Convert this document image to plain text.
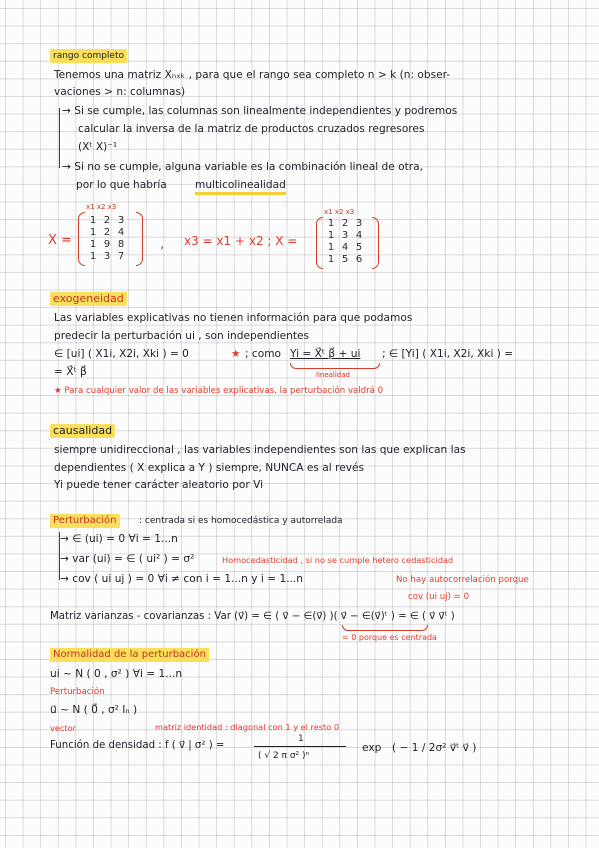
rango completo
Tenemos una matriz Xₙₓₖ , para que el rango sea completo n > k (n: obser-
vaciones > n: columnas)
→ Si se cumple, las columnas son linealmente independientes y podremos
calcular la inversa de la matriz de productos cruzados regresores
(Xᵗ X)⁻¹
→ Si no se cumple, alguna variable es la combinación lineal de otra,
por lo que habría	multicolinealidad
X =
x1 x2 x3
1	2	3
1	2	4
1	9	8
1	3	7
, x3 = x1 + x2 ; X =
x1 x2 x3
1	2	3
1	3	4
1	4	5
1	5	6
exogeneidad
Las variables explicativas no tienen información para que podamos
predecir la perturbación ui , son independientes
∈ [ui] ( X1i, X2i, Xki ) = 0	★ ; como Yi = X⃗ᵗ β⃗ + ui ; ∈ [Yi] ( X1i, X2i, Xki ) =
linealidad
= X⃗ᵗ β⃗
★ Para cualquier valor de las variables explicativas, la perturbación valdrá 0
causalidad
siempre unidireccional , las variables independientes son las que explican las
dependientes ( X explica a Y ) siempre, NUNCA es al revés
Yi puede tener carácter aleatorio por Vi
Perturbación	: centrada si es homocedástica y autorrelada
→ ∈ (ui) = 0 ∀i = 1...n
→ var (ui) = ∈ ( ui² ) = σ²	Homocedasticidad , si no se cumple hetero cedasticidad
→ cov ( ui uj ) = 0 ∀i ≠ con i = 1...n y i = 1...n	No hay autocorrelación porque
cov (ui uj) = 0
Matriz varianzas - covarianzas : Var (v⃗) = ∈ ( v⃗ − ∈(v⃗) )( v⃗ − ∈(v⃗)ᵗ ) = ∈ ( v⃗ v⃗ᵗ )
= 0 porque es centrada
Normalidad de la perturbación
ui ~ N ( 0 , σ² ) ∀i = 1...n
Perturbación
u⃗ ~ N ( 0⃗ , σ² Iₙ )
vector	matriz identidad : diagonal con 1 y el resto 0
Función de densidad : f ( v⃗ | σ² ) =
1
( √ 2 π σ² )ⁿ
exp ( − 1 / 2σ² v⃗ᵗ v⃗ )
